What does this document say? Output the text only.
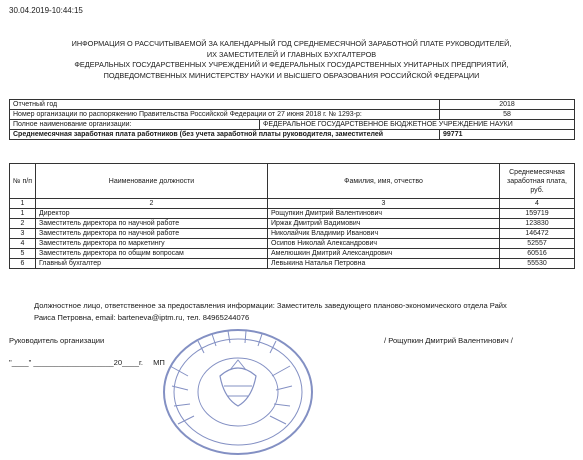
30.04.2019-10:44:15
ИНФОРМАЦИЯ О РАССЧИТЫВАЕМОЙ ЗА КАЛЕНДАРНЫЙ ГОД СРЕДНЕМЕСЯЧНОЙ ЗАРАБОТНОЙ ПЛАТЕ РУКОВОДИТЕЛЕЙ,
ИХ ЗАМЕСТИТЕЛЕЙ И ГЛАВНЫХ БУХГАЛТЕРОВ
ФЕДЕРАЛЬНЫХ ГОСУДАРСТВЕННЫХ УЧРЕЖДЕНИЙ И ФЕДЕРАЛЬНЫХ ГОСУДАРСТВЕННЫХ УНИТАРНЫХ ПРЕДПРИЯТИЙ,
ПОДВЕДОМСТВЕННЫХ МИНИСТЕРСТВУ НАУКИ И ВЫСШЕГО ОБРАЗОВАНИЯ РОССИЙСКОЙ ФЕДЕРАЦИИ
Отчетный год		2018
Номер организации по распоряжению Правительства Российской Федерации от 27 июня 2018 г. № 1293-р:		58
Полное наименование организации:	ФЕДЕРАЛЬНОЕ ГОСУДАРСТВЕННОЕ БЮДЖЕТНОЕ УЧРЕЖДЕНИЕ НАУКИ	
Среднемесячная заработная плата работников (без учета заработной платы руководителя, заместителей		99771
№ п/п	Наименование должности	Фамилия, имя, отчество	Среднемесячная заработная плата, руб.
1	2	3	4
1	Директор	Рощупкин Дмитрий Валентинович	159719
2	Заместитель директора по научной работе	Иржак Дмитрий Вадимович	123830
3	Заместитель директора по научной работе	Николайчик Владимир Иванович	146472
4	Заместитель директора по маркетингу	Осипов Николай Александрович	52557
5	Заместитель директора по общим вопросам	Амелюшкин Дмитрий Александрович	60516
6	Главный бухгалтер	Левыкина Наталья Петровна	55530
Должностное лицо, ответственное за предоставления информации: Заместитель заведующего планово-экономического отдела Райх
Раиса Петровна, email: barteneva@iptm.ru, тел. 84965244076
Руководитель организации	/ Рощупкин Дмитрий Валентинович /
"____" ___________________20____г. МП
